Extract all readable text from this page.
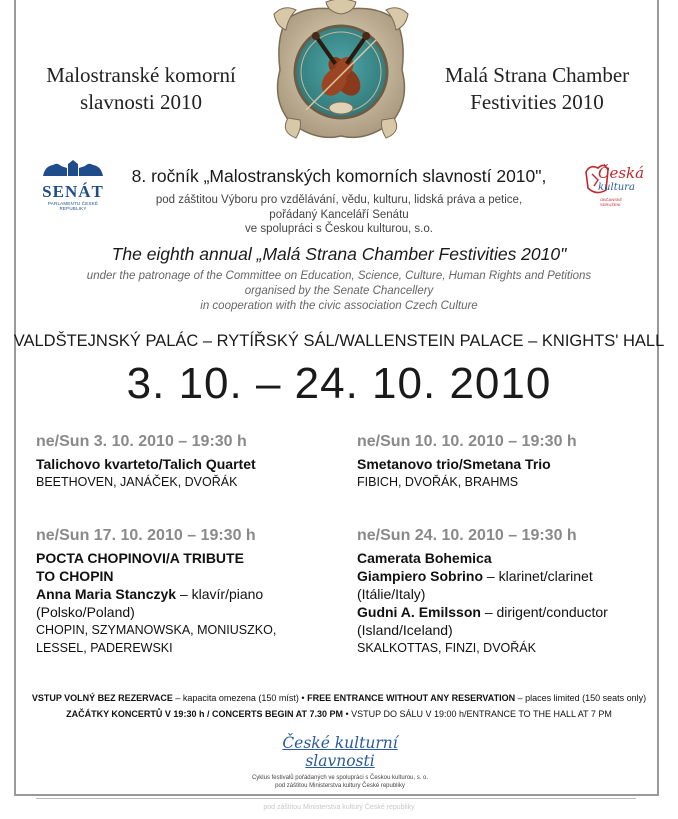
Malostranské komorní
slavnosti 2010
Malá Strana Chamber
Festivities 2010
SENÁT
PARLAMENTU ČESKÉ REPUBLIKY
Česká
kultura
OBČANSKÉ SDRUŽENÍ
8. ročník „Malostranských komorních slavností 2010",
pod záštitou Výboru pro vzdělávání, vědu, kulturu, lidská práva a petice,
pořádaný Kanceláří Senátu
ve spolupráci s Českou kulturou, s.o.
The eighth annual „Malá Strana Chamber Festivities 2010"
under the patronage of the Committee on Education, Science, Culture, Human Rights and Petitions
organised by the Senate Chancellery
in cooperation with the civic association Czech Culture
VALDŠTEJNSKÝ PALÁC – RYTÍŘSKÝ SÁL/WALLENSTEIN PALACE – KNIGHTS' HALL
3. 10. – 24. 10. 2010
ne/Sun 3. 10. 2010 – 19:30 h
Talichovo kvarteto/Talich Quartet
BEETHOVEN, JANÁČEK, DVOŘÁK
ne/Sun 10. 10. 2010 – 19:30 h
Smetanovo trio/Smetana Trio
FIBICH, DVOŘÁK, BRAHMS
ne/Sun 17. 10. 2010 – 19:30 h
POCTA CHOPINOVI/A TRIBUTE
TO CHOPIN
Anna Maria Stanczyk – klavír/piano
(Polsko/Poland)
CHOPIN, SZYMANOWSKA, MONIUSZKO,
LESSEL, PADEREWSKI
ne/Sun 24. 10. 2010 – 19:30 h
Camerata Bohemica
Giampiero Sobrino – klarinet/clarinet
(Itálie/Italy)
Gudni A. Emilsson – dirigent/conductor
(Island/Iceland)
SKALKOTTAS, FINZI, DVOŘÁK
VSTUP VOLNÝ BEZ REZERVACE – kapacita omezena (150 míst) • FREE ENTRANCE WITHOUT ANY RESERVATION – places limited (150 seats only)
ZAČÁTKY KONCERTŮ V 19:30 h / CONCERTS BEGIN AT 7.30 PM • VSTUP DO SÁLU V 19:00 h/ENTRANCE TO THE HALL AT 7 PM
České kulturní slavnosti
Cyklus festivalů pořádaných ve spolupráci s Českou kulturou, s. o.
pod záštitou Ministerstva kultury České republiky
pod záštitou Ministerstva kultury České republiky
